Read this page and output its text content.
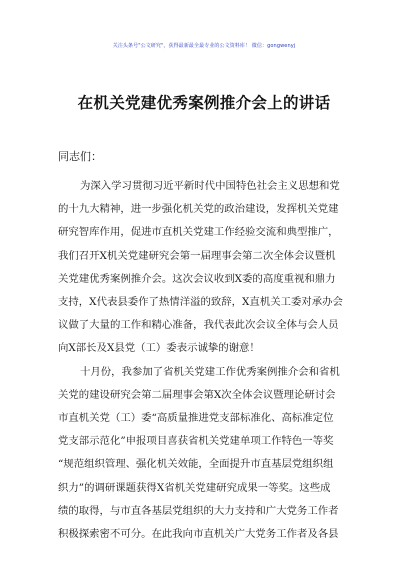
关注头条号"公文研究"，获得最新最全最专业的公文资料库！ 微信：gongwenyj
在机关党建优秀案例推介会上的讲话
同志们：
为深入学习贯彻习近平新时代中国特色社会主义思想和党
的十九大精神，进一步强化机关党的政治建设，发挥机关党建
研究智库作用，促进市直机关党建工作经验交流和典型推广，
我们召开X机关党建研究会第一届理事会第二次全体会议暨机
关党建优秀案例推介会。这次会议收到X委的高度重视和鼎力
支持，X代表县委作了热情洋溢的致辞，X直机关工委对承办会
议做了大量的工作和精心准备，我代表此次会议全体与会人员
向X部长及X县党（工）委表示诚挚的谢意！
十月份，我参加了省机关党建工作优秀案例推介会和省机
关党的建设研究会第二届理事会第X次全体会议暨理论研讨会
市直机关党（工）委“高质量推进党支部标准化、高标准定位
党支部示范化”申报项目喜获省机关党建单项工作特色一等奖
“规范组织管理、强化机关效能，全面提升市直基层党组织组
织力”的调研课题获得X省机关党建研究成果一等奖。这些成
绩的取得，与市直各基层党组织的大力支持和广大党务工作者
积极探索密不可分。在此我向市直机关广大党务工作者及各县
